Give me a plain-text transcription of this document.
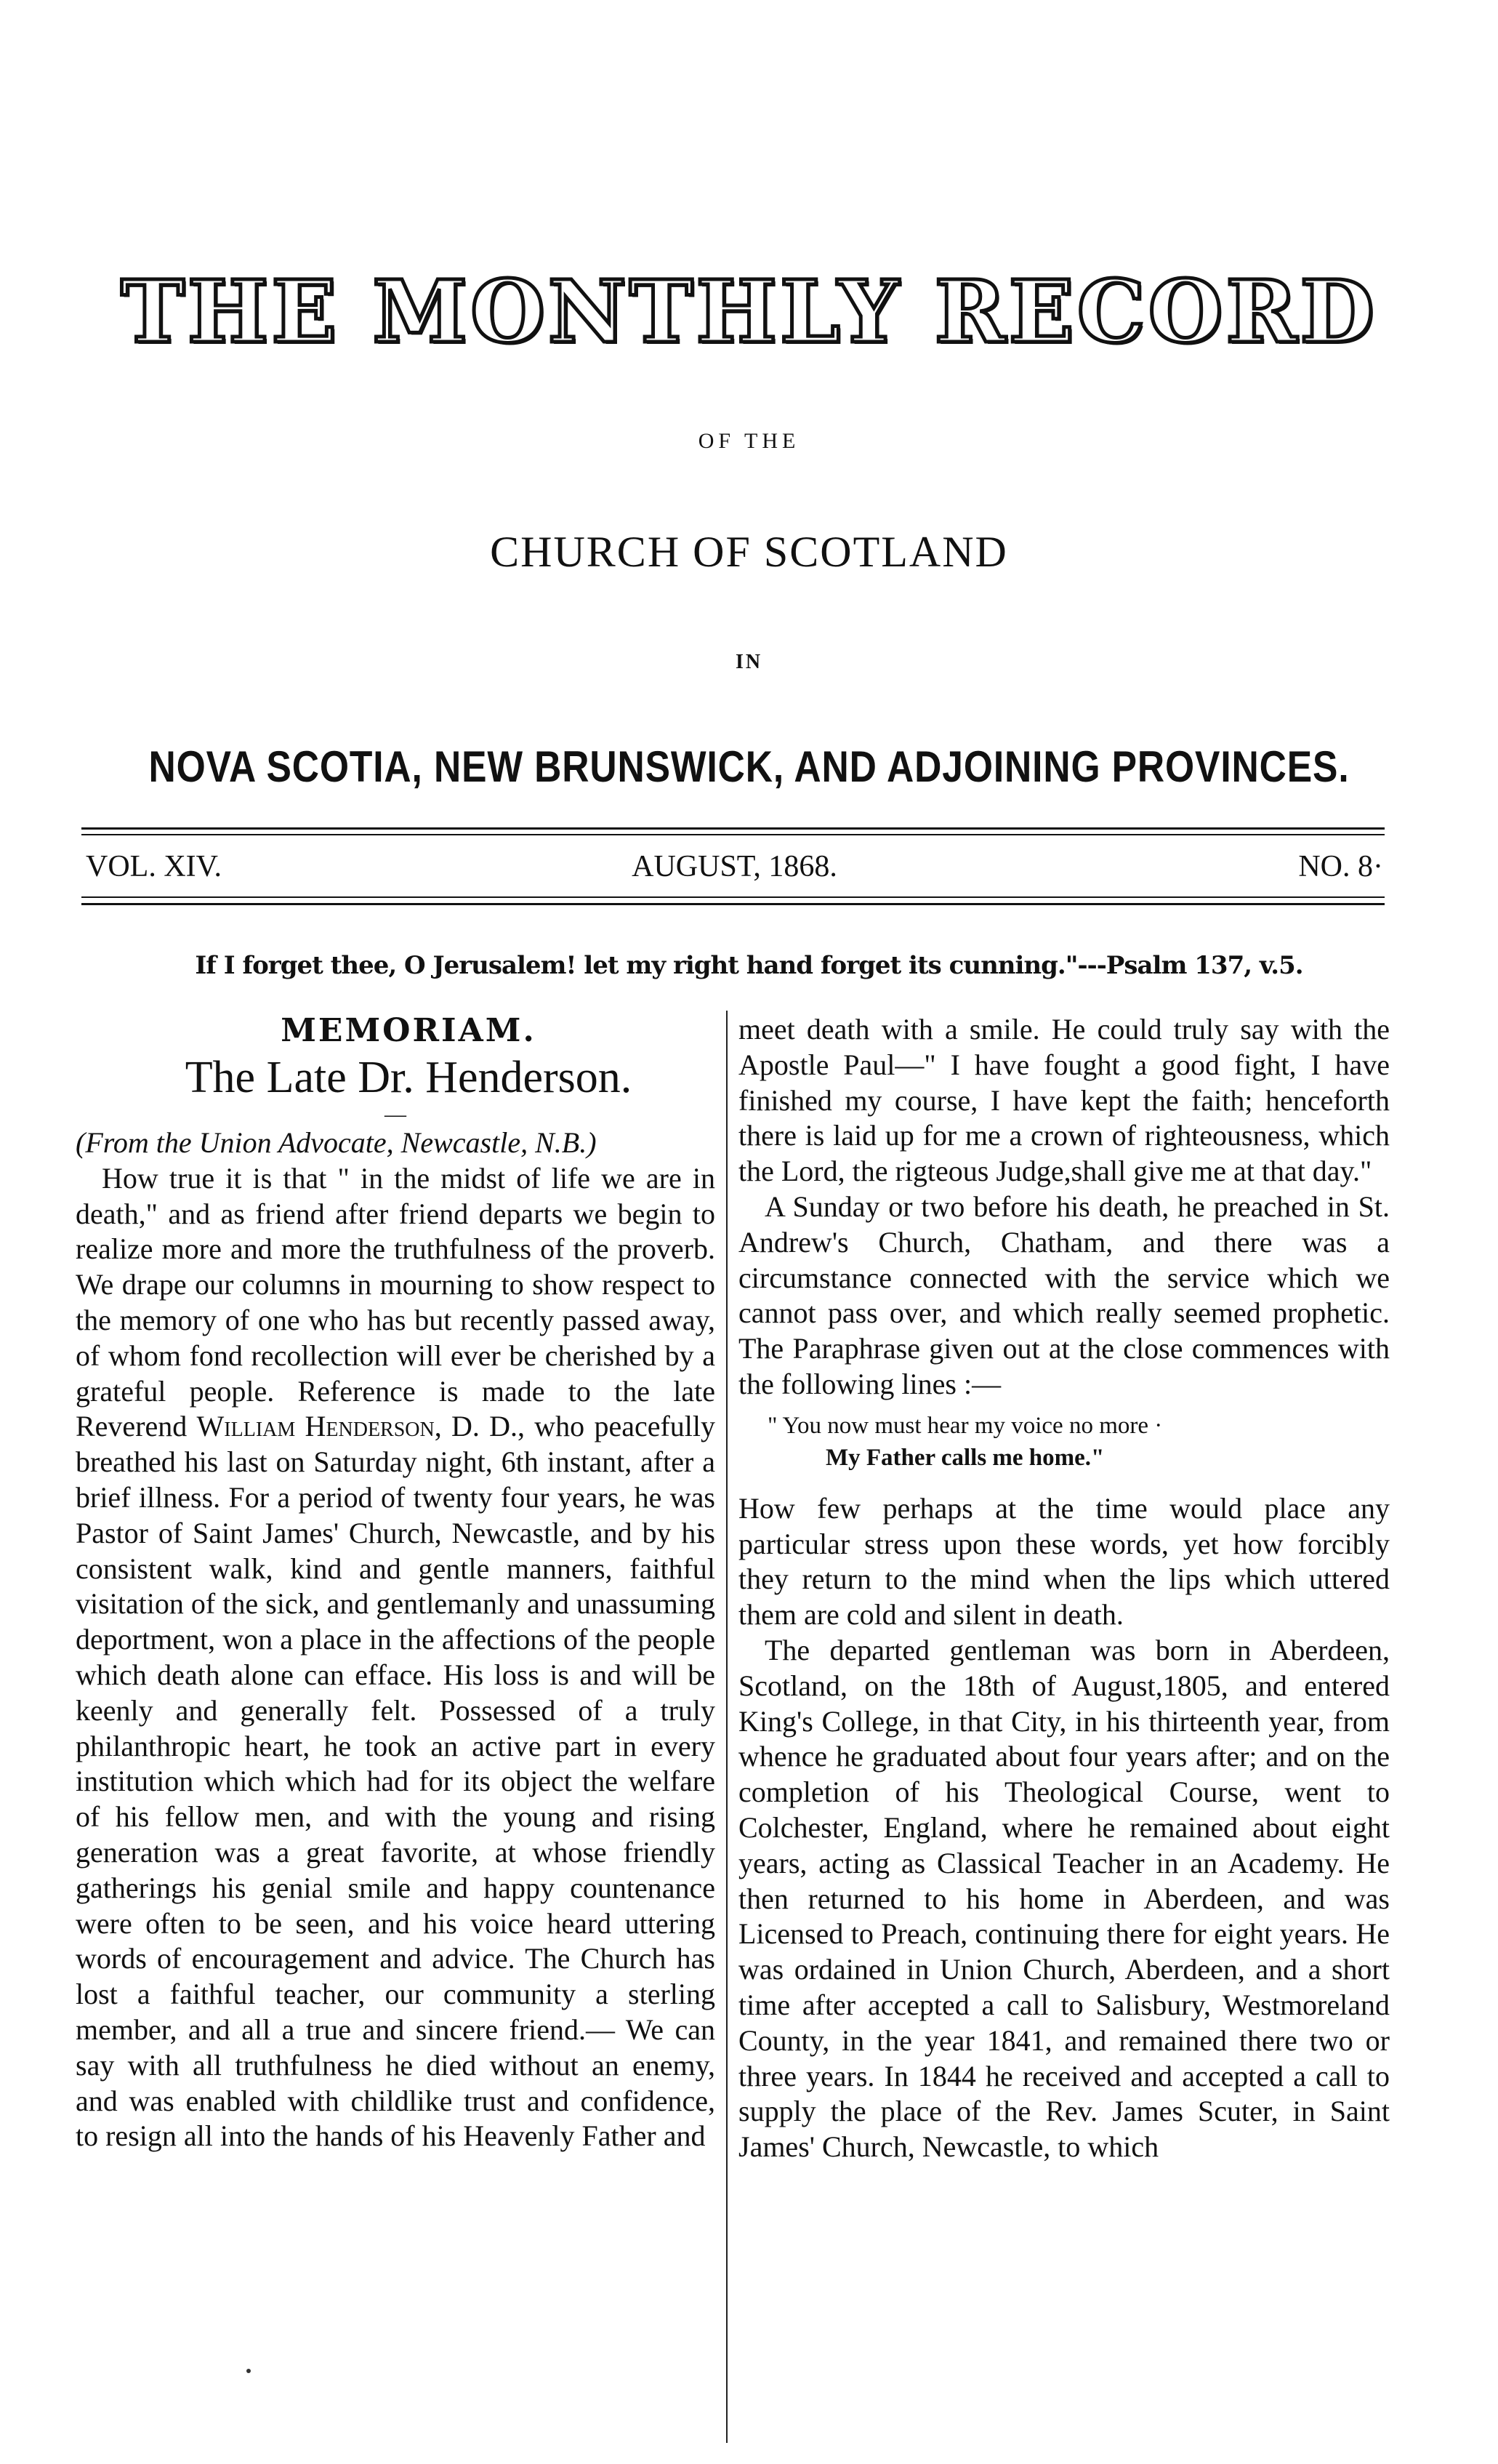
THE MONTHLY RECORD
OF THE
CHURCH OF SCOTLAND
IN
NOVA SCOTIA, NEW BRUNSWICK, AND ADJOINING PROVINCES.
VOL. XIV.	AUGUST, 1868.	NO. 8·
If I forget thee, O Jerusalem! let my right hand forget its cunning."---Psalm 137, v.5.

MEMORIAM.

The Late Dr. Henderson.

—

(From the Union Advocate, Newcastle, N.B.)

How true it is that " in the midst of life we are in death," and as friend after friend departs we begin to realize more and more the truthfulness of the proverb. We drape our columns in mourning to show respect to the memory of one who has but recently passed away, of whom fond recollection will ever be cherished by a grateful people. Reference is made to the late Reverend William Henderson, D. D., who peacefully breathed his last on Saturday night, 6th instant, after a brief illness. For a period of twenty four years, he was Pastor of Saint James' Church, Newcastle, and by his consistent walk, kind and gentle manners, faithful visitation of the sick, and gentlemanly and unassuming deportment, won a place in the affections of the people which death alone can efface. His loss is and will be keenly and generally felt. Possessed of a truly philanthropic heart, he took an active part in every institution which which had for its object the welfare of his fellow men, and with the young and rising generation was a great favorite, at whose friendly gatherings his genial smile and happy countenance were often to be seen, and his voice heard uttering words of encouragement and advice. The Church has lost a faithful teacher, our community a sterling member, and all a true and sincere friend.— We can say with all truthfulness he died without an enemy, and was enabled with childlike trust and confidence, to resign all into the hands of his Heavenly Father and

meet death with a smile. He could truly say with the Apostle Paul—" I have fought a good fight, I have finished my course, I have kept the faith; henceforth there is laid up for me a crown of righteousness, which the Lord, the rigteous Judge,shall give me at that day."

A Sunday or two before his death, he preached in St. Andrew's Church, Chatham, and there was a circumstance connected with the service which we cannot pass over, and which really seemed prophetic. The Paraphrase given out at the close commences with the following lines :—

" You now must hear my voice no more ·
My Father calls me home."

How few perhaps at the time would place any particular stress upon these words, yet how forcibly they return to the mind when the lips which uttered them are cold and silent in death.

The departed gentleman was born in Aberdeen, Scotland, on the 18th of August,1805, and entered King's College, in that City, in his thirteenth year, from whence he graduated about four years after; and on the completion of his Theological Course, went to Colchester, England, where he remained about eight years, acting as Classical Teacher in an Academy. He then returned to his home in Aberdeen, and was Licensed to Preach, continuing there for eight years. He was ordained in Union Church, Aberdeen, and a short time after accepted a call to Salisbury, Westmoreland County, in the year 1841, and remained there two or three years. In 1844 he received and accepted a call to supply the place of the Rev. James Scuter, in Saint James' Church, Newcastle, to which
